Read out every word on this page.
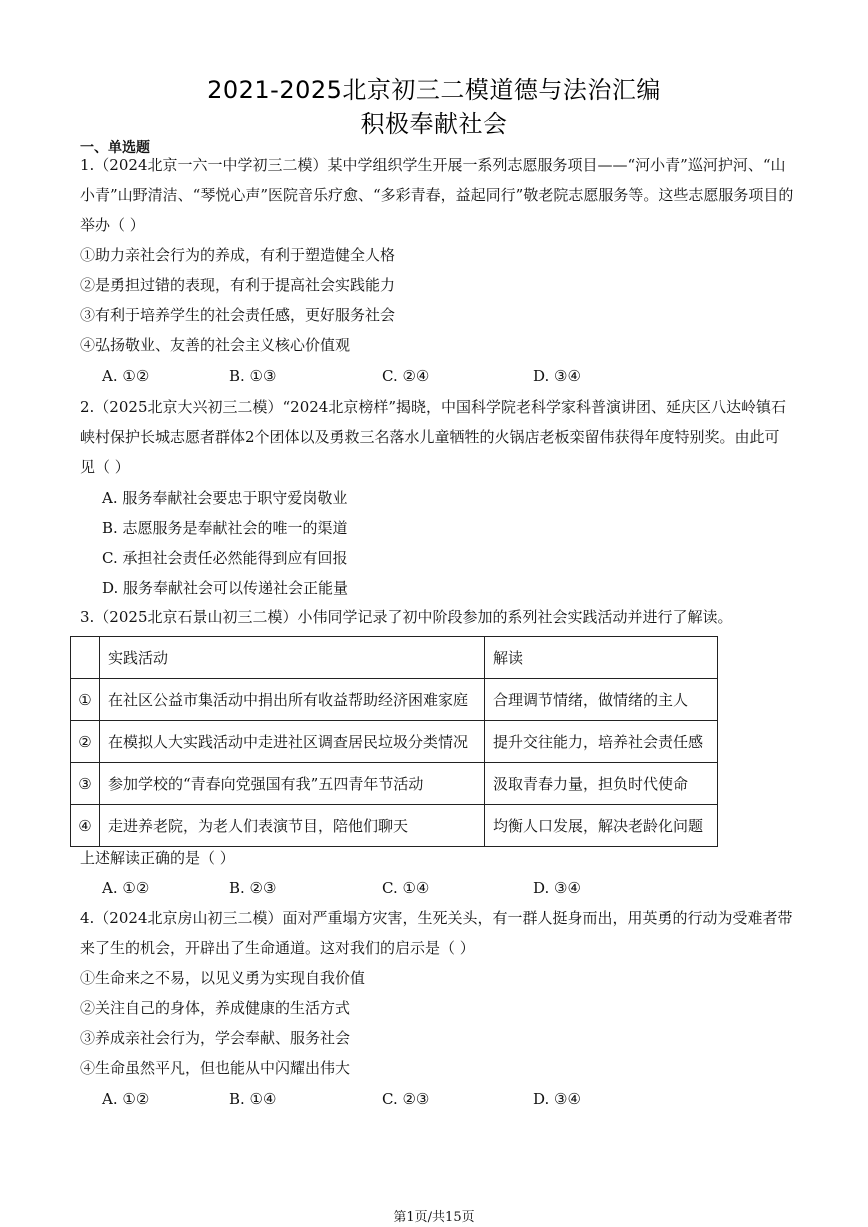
2021-2025北京初三二模道德与法治汇编
积极奉献社会
一、单选题
1.（2024北京一六一中学初三二模）某中学组织学生开展一系列志愿服务项目——“河小青”巡河护河、“山
小青”山野清洁、“琴悦心声”医院音乐疗愈、“多彩青春，益起同行”敬老院志愿服务等。这些志愿服务项目的
举办（ ）
①助力亲社会行为的养成，有利于塑造健全人格
②是勇担过错的表现，有利于提高社会实践能力
③有利于培养学生的社会责任感，更好服务社会
④弘扬敬业、友善的社会主义核心价值观
A. ①②	B. ①③	C. ②④	D. ③④
2.（2025北京大兴初三二模）“2024北京榜样”揭晓，中国科学院老科学家科普演讲团、延庆区八达岭镇石
峡村保护长城志愿者群体2个团体以及勇救三名落水儿童牺牲的火锅店老板栾留伟获得年度特别奖。由此可
见（ ）
A. 服务奉献社会要忠于职守爱岗敬业
B. 志愿服务是奉献社会的唯一的渠道
C. 承担社会责任必然能得到应有回报
D. 服务奉献社会可以传递社会正能量
3.（2025北京石景山初三二模）小伟同学记录了初中阶段参加的系列社会实践活动并进行了解读。
	实践活动	解读
①	在社区公益市集活动中捐出所有收益帮助经济困难家庭	合理调节情绪，做情绪的主人
②	在模拟人大实践活动中走进社区调查居民垃圾分类情况	提升交往能力，培养社会责任感
③	参加学校的“青春向党强国有我”五四青年节活动	汲取青春力量，担负时代使命
④	走进养老院，为老人们表演节目，陪他们聊天	均衡人口发展，解决老龄化问题
上述解读正确的是（ ）
A. ①②	B. ②③	C. ①④	D. ③④
4.（2024北京房山初三二模）面对严重塌方灾害，生死关头，有一群人挺身而出，用英勇的行动为受难者带
来了生的机会，开辟出了生命通道。这对我们的启示是（ ）
①生命来之不易，以见义勇为实现自我价值
②关注自己的身体，养成健康的生活方式
③养成亲社会行为，学会奉献、服务社会
④生命虽然平凡，但也能从中闪耀出伟大
A. ①②	B. ①④	C. ②③	D. ③④
第1页/共15页
